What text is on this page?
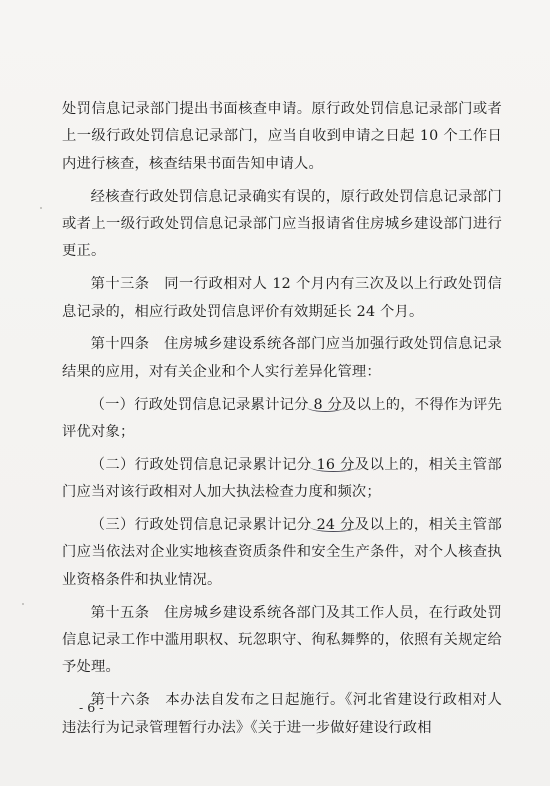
处罚信息记录部门提出书面核查申请。原行政处罚信息记录部门或者上一级行政处罚信息记录部门，应当自收到申请之日起 10 个工作日内进行核查，核查结果书面告知申请人。

经核查行政处罚信息记录确实有误的，原行政处罚信息记录部门或者上一级行政处罚信息记录部门应当报请省住房城乡建设部门进行更正。

第十三条　同一行政相对人 12 个月内有三次及以上行政处罚信息记录的，相应行政处罚信息评价有效期延长 24 个月。

第十四条　住房城乡建设系统各部门应当加强行政处罚信息记录结果的应用，对有关企业和个人实行差异化管理：

（一）行政处罚信息记录累计记分 8 分及以上的，不得作为评先评优对象；

（二）行政处罚信息记录累计记分 16 分及以上的，相关主管部门应当对该行政相对人加大执法检查力度和频次；

（三）行政处罚信息记录累计记分 24 分及以上的，相关主管部门应当依法对企业实地核查资质条件和安全生产条件，对个人核查执业资格条件和执业情况。

第十五条　住房城乡建设系统各部门及其工作人员，在行政处罚信息记录工作中滥用职权、玩忽职守、徇私舞弊的，依照有关规定给予处理。

第十六条　本办法自发布之日起施行。《河北省建设行政相对人违法行为记录管理暂行办法》《关于进一步做好建设行政相

- 6 -
